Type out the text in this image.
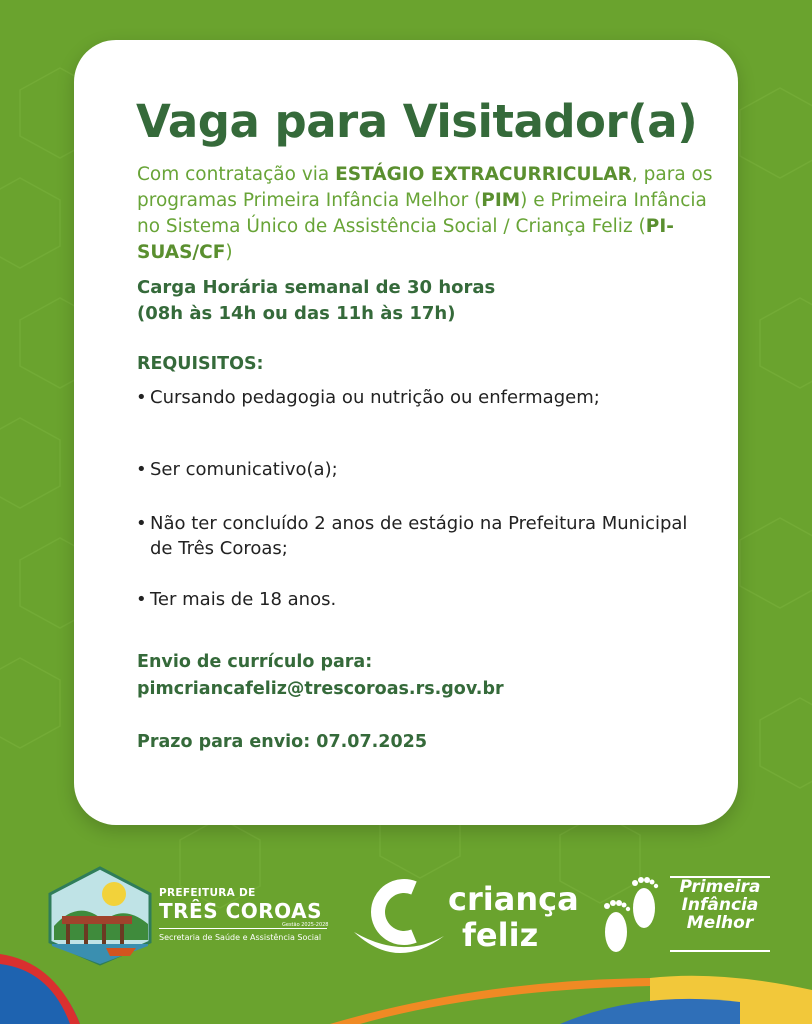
Vaga para Visitador(a)

Com contratação via ESTÁGIO EXTRACURRICULAR, para os programas Primeira Infância Melhor (PIM) e Primeira Infância no Sistema Único de Assistência Social / Criança Feliz (PI-SUAS/CF)

Carga Horária semanal de 30 horas
(08h às 14h ou das 11h às 17h)

REQUISITOS:

• Cursando pedagogia ou nutrição ou enfermagem;
• Ser comunicativo(a);
• Não ter concluído 2 anos de estágio na Prefeitura Municipal de Três Coroas;
• Ter mais de 18 anos.

Envio de currículo para:

pimcriancafeliz@trescoroas.rs.gov.br

Prazo para envio: 07.07.2025

PREFEITURA DE
TRÊS COROAS
Gestão 2025-2028
Secretaria de Saúde e Assistência Social
criança
feliz
Primeira
Infância
Melhor
